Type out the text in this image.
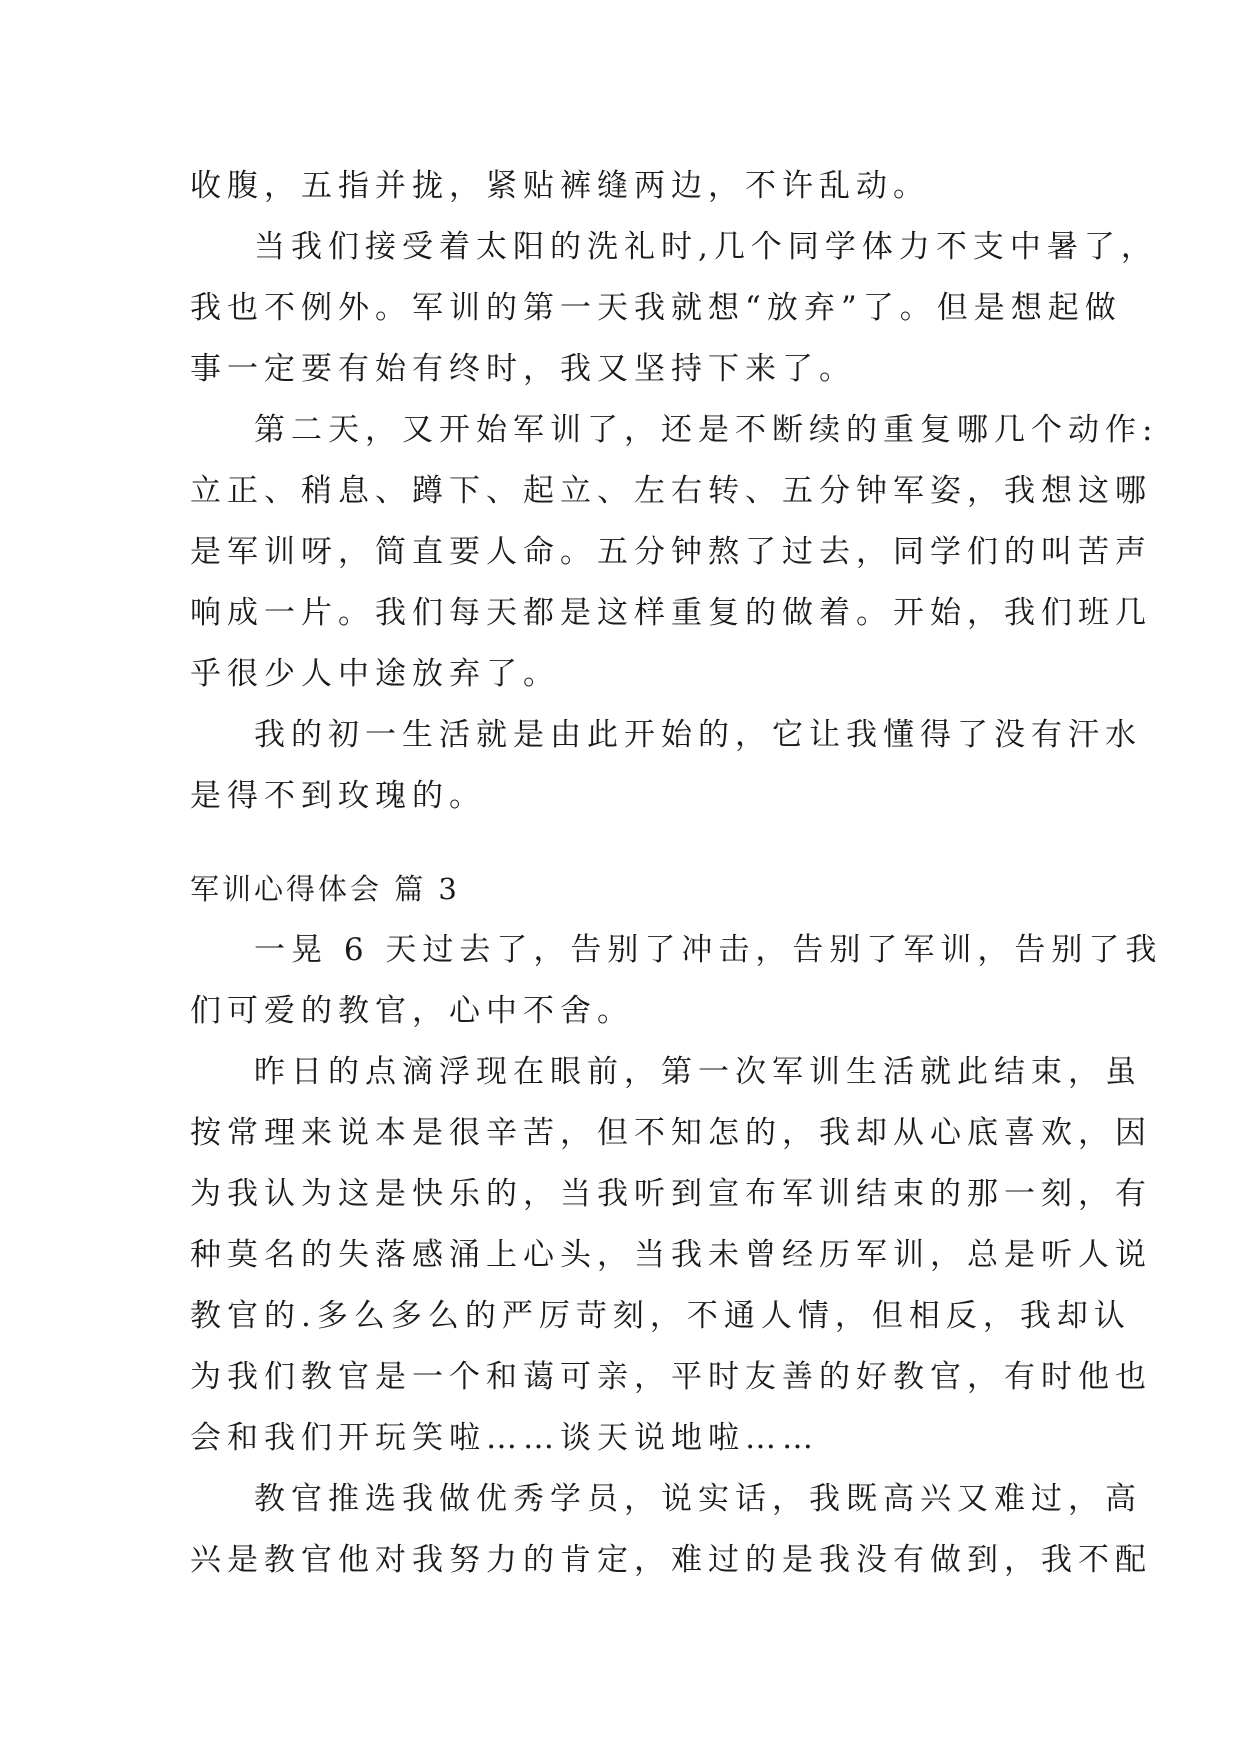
收腹，五指并拢，紧贴裤缝两边，不许乱动。
当我们接受着太阳的洗礼时,几个同学体力不支中暑了，
我也不例外。军训的第一天我就想“放弃”了。但是想起做
事一定要有始有终时，我又坚持下来了。
第二天，又开始军训了，还是不断续的重复哪几个动作:
立正、稍息、蹲下、起立、左右转、五分钟军姿，我想这哪
是军训呀，简直要人命。五分钟熬了过去，同学们的叫苦声
响成一片。我们每天都是这样重复的做着。开始，我们班几
乎很少人中途放弃了。
我的初一生活就是由此开始的，它让我懂得了没有汗水
是得不到玫瑰的。
军训心得体会 篇 3
一晃 6 天过去了，告别了冲击，告别了军训，告别了我
们可爱的教官，心中不舍。
昨日的点滴浮现在眼前，第一次军训生活就此结束，虽
按常理来说本是很辛苦，但不知怎的，我却从心底喜欢，因
为我认为这是快乐的，当我听到宣布军训结束的那一刻，有
种莫名的失落感涌上心头，当我未曾经历军训，总是听人说
教官的.多么多么的严厉苛刻，不通人情，但相反，我却认
为我们教官是一个和蔼可亲，平时友善的好教官，有时他也
会和我们开玩笑啦……谈天说地啦……
教官推选我做优秀学员，说实话，我既高兴又难过，高
兴是教官他对我努力的肯定，难过的是我没有做到，我不配
